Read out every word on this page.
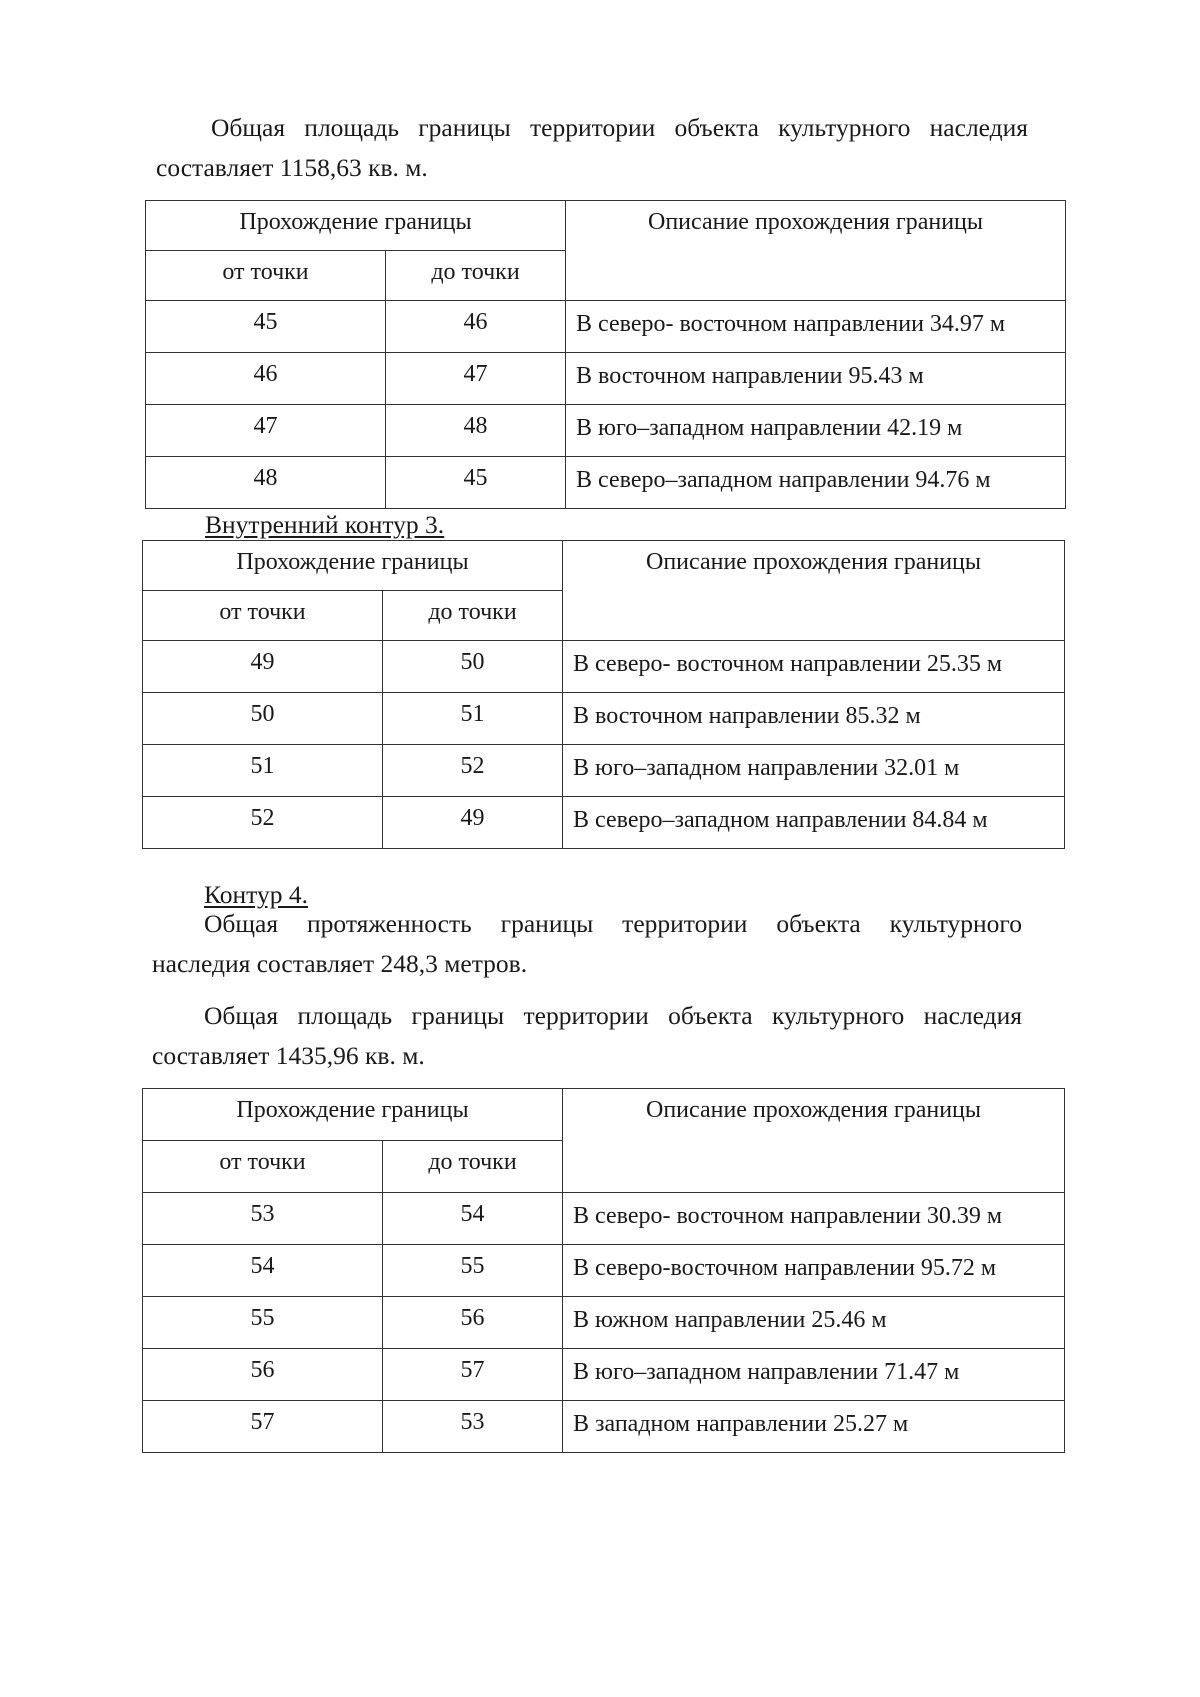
Общая площадь границы территории объекта культурного наследия
составляет 1158,63 кв. м.
Прохождение границы		Описание прохождения границы
от точки	до точки	
45	46	В северо- восточном направлении 34.97 м
46	47	В восточном направлении 95.43 м
47	48	В юго–западном направлении 42.19 м
48	45	В северо–западном направлении 94.76 м
Внутренний контур 3.
Прохождение границы		Описание прохождения границы
от точки	до точки	
49	50	В северо- восточном направлении 25.35 м
50	51	В восточном направлении 85.32 м
51	52	В юго–западном направлении 32.01 м
52	49	В северо–западном направлении 84.84 м
Контур 4.
Общая протяженность границы территории объекта культурного
наследия составляет 248,3 метров.
Общая площадь границы территории объекта культурного наследия
составляет 1435,96 кв. м.
Прохождение границы		Описание прохождения границы
от точки	до точки	
53	54	В северо- восточном направлении 30.39 м
54	55	В северо-восточном направлении 95.72 м
55	56	В южном направлении 25.46 м
56	57	В юго–западном направлении 71.47 м
57	53	В западном направлении 25.27 м
